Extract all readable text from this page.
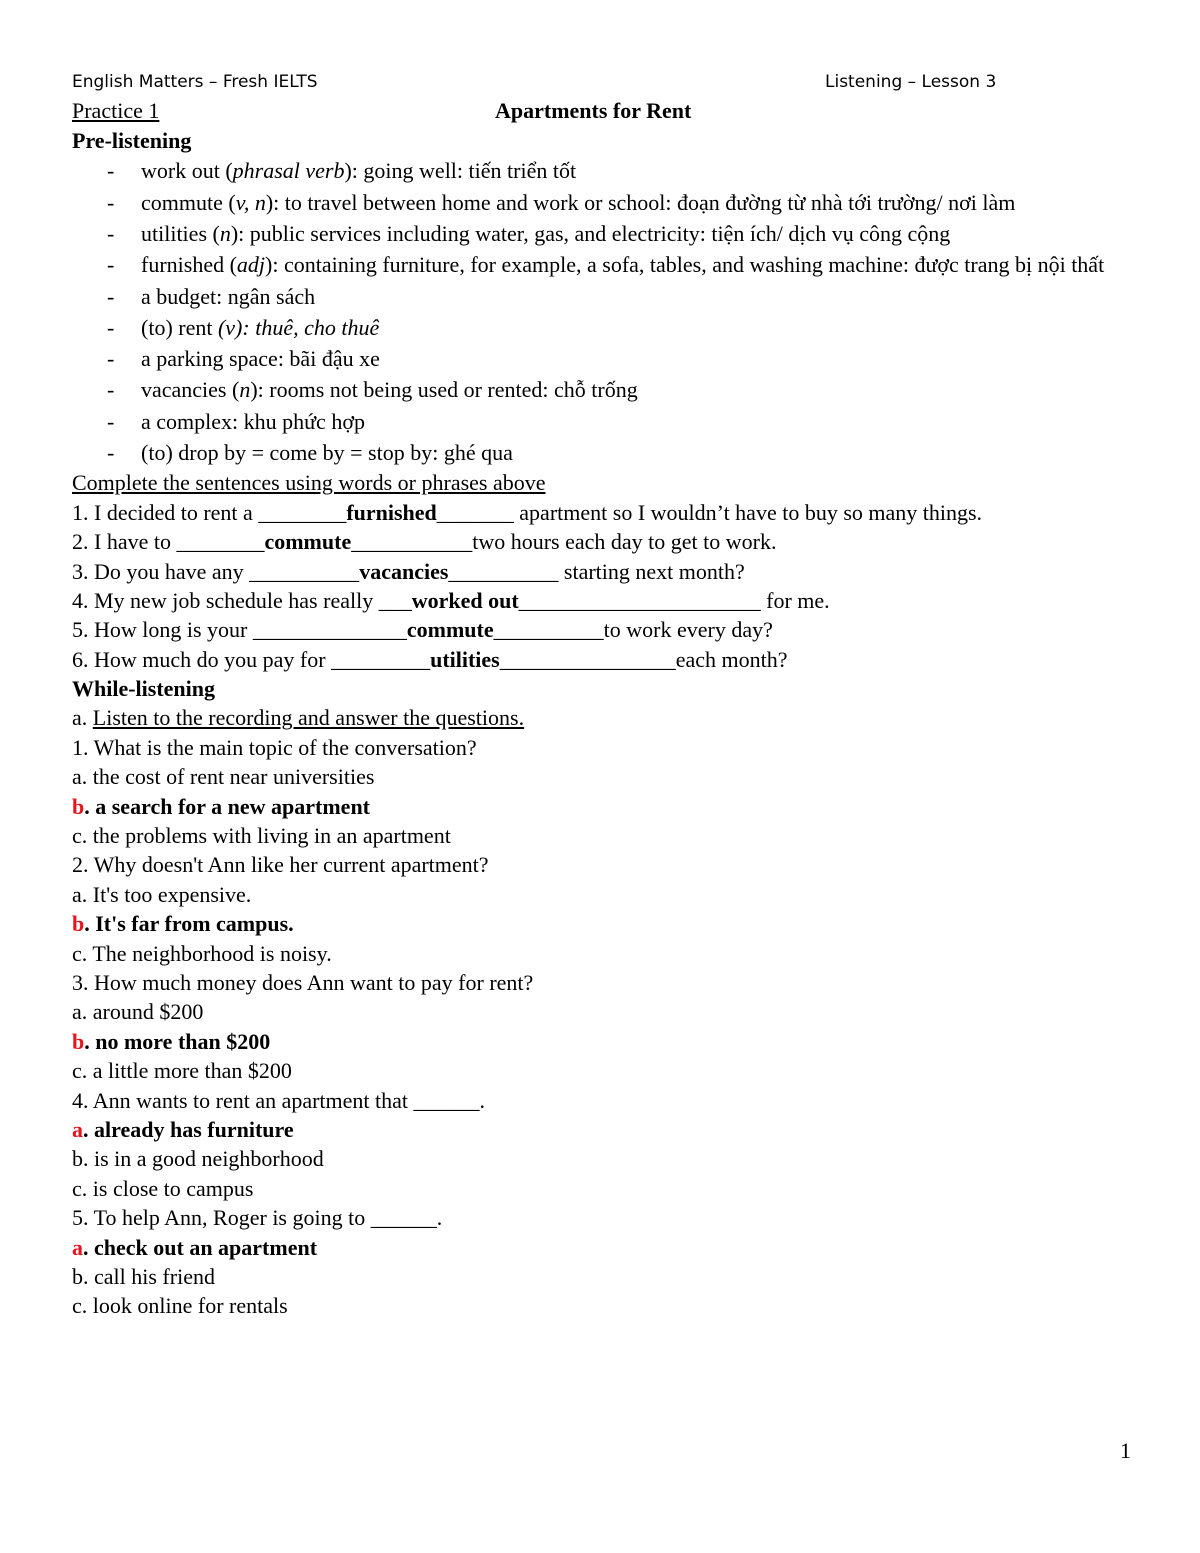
English Matters – Fresh IELTS	Listening – Lesson 3
Practice 1	Apartments for Rent
Pre-listening
- work out (phrasal verb): going well: tiến triển tốt
- commute (v, n): to travel between home and work or school: đoạn đường từ nhà tới trường/ nơi làm
- utilities (n): public services including water, gas, and electricity: tiện ích/ dịch vụ công cộng
- furnished (adj): containing furniture, for example, a sofa, tables, and washing machine: được trang bị nội thất
- a budget: ngân sách
- (to) rent (v): thuê, cho thuê
- a parking space: bãi đậu xe
- vacancies (n): rooms not being used or rented: chỗ trống
- a complex: khu phức hợp
- (to) drop by = come by = stop by: ghé qua
Complete the sentences using words or phrases above
1. I decided to rent a ________furnished_______ apartment so I wouldn’t have to buy so many things.
2. I have to ________commute___________two hours each day to get to work.
3. Do you have any __________vacancies__________ starting next month?
4. My new job schedule has really ___worked out______________________ for me.
5. How long is your ______________commute__________to work every day?
6. How much do you pay for _________utilities________________each month?
While-listening
a. Listen to the recording and answer the questions.
1. What is the main topic of the conversation?
a. the cost of rent near universities
b. a search for a new apartment
c. the problems with living in an apartment
2. Why doesn't Ann like her current apartment?
a. It's too expensive.
b. It's far from campus.
c. The neighborhood is noisy.
3. How much money does Ann want to pay for rent?
a. around $200
b. no more than $200
c. a little more than $200
4. Ann wants to rent an apartment that ______.
a. already has furniture
b. is in a good neighborhood
c. is close to campus
5. To help Ann, Roger is going to ______.
a. check out an apartment
b. call his friend
c. look online for rentals
1
